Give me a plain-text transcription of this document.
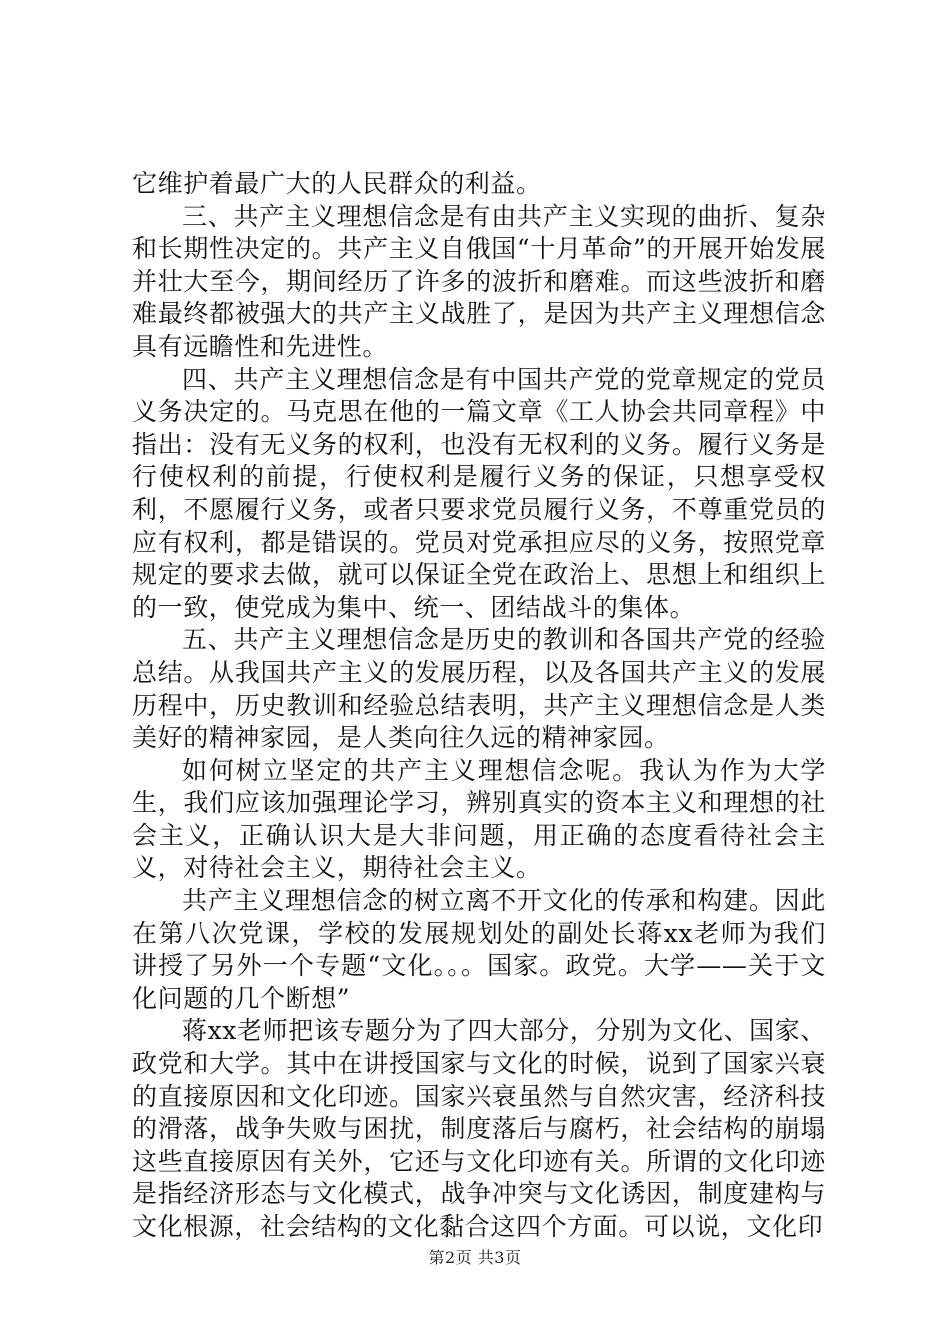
它维护着最广大的人民群众的利益。

三、共产主义理想信念是有由共产主义实现的曲折、复杂和长期性决定的。共产主义自俄国“十月革命”的开展开始发展并壮大至今，期间经历了许多的波折和磨难。而这些波折和磨难最终都被强大的共产主义战胜了，是因为共产主义理想信念具有远瞻性和先进性。

四、共产主义理想信念是有中国共产党的党章规定的党员义务决定的。马克思在他的一篇文章《工人协会共同章程》中指出：没有无义务的权利，也没有无权利的义务。履行义务是行使权利的前提，行使权利是履行义务的保证，只想享受权利，不愿履行义务，或者只要求党员履行义务，不尊重党员的应有权利，都是错误的。党员对党承担应尽的义务，按照党章规定的要求去做，就可以保证全党在政治上、思想上和组织上的一致，使党成为集中、统一、团结战斗的集体。

五、共产主义理想信念是历史的教训和各国共产党的经验总结。从我国共产主义的发展历程，以及各国共产主义的发展历程中，历史教训和经验总结表明，共产主义理想信念是人类美好的精神家园，是人类向往久远的精神家园。

如何树立坚定的共产主义理想信念呢。我认为作为大学生，我们应该加强理论学习，辨别真实的资本主义和理想的社会主义，正确认识大是大非问题，用正确的态度看待社会主义，对待社会主义，期待社会主义。

共产主义理想信念的树立离不开文化的传承和构建。因此在第八次党课，学校的发展规划处的副处长蒋xx老师为我们讲授了另外一个专题“文化。。。国家。政党。大学——关于文化问题的几个断想”

蒋xx老师把该专题分为了四大部分，分别为文化、国家、政党和大学。其中在讲授国家与文化的时候，说到了国家兴衰的直接原因和文化印迹。国家兴衰虽然与自然灾害，经济科技的滑落，战争失败与困扰，制度落后与腐朽，社会结构的崩塌这些直接原因有关外，它还与文化印迹有关。所谓的文化印迹是指经济形态与文化模式，战争冲突与文化诱因，制度建构与文化根源，社会结构的文化黏合这四个方面。可以说，文化印

第2页 共3页
